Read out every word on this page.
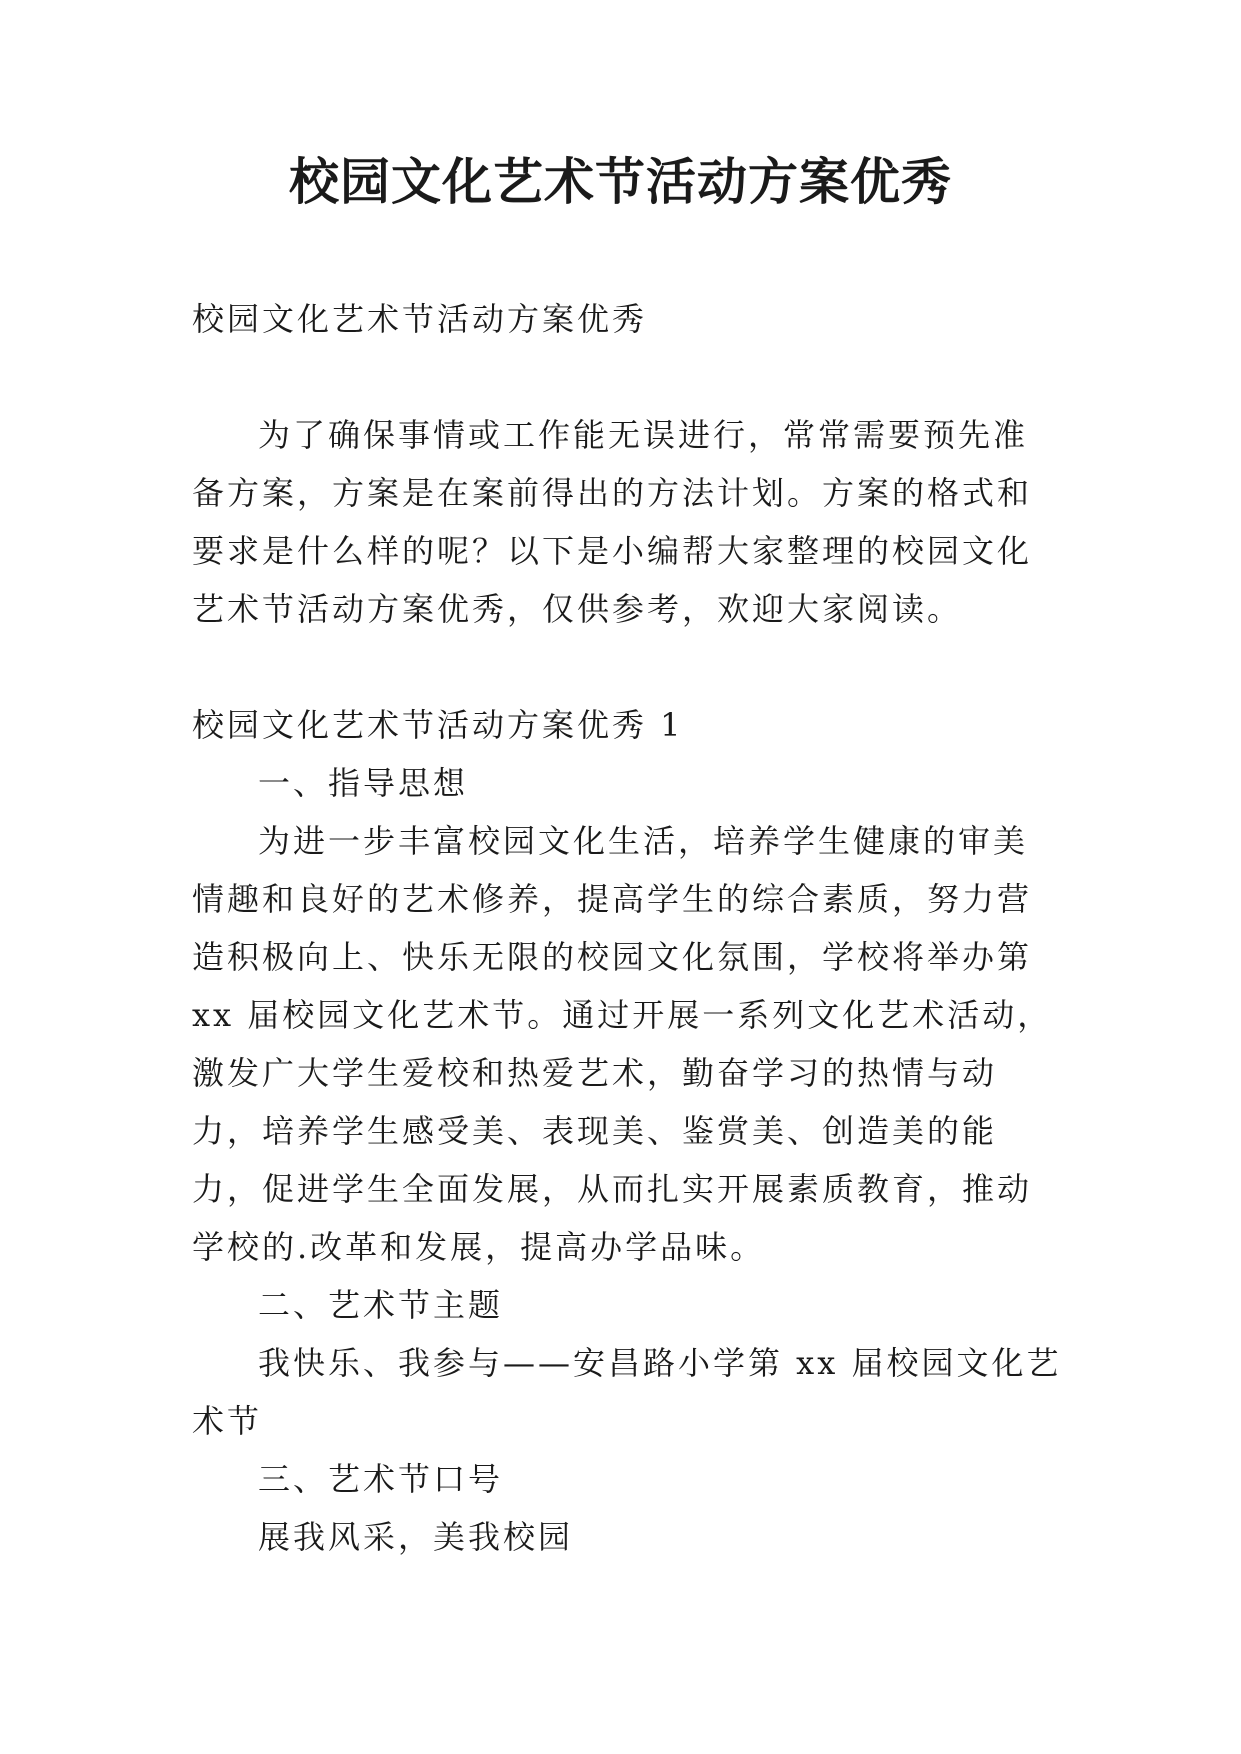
校园文化艺术节活动方案优秀

校园文化艺术节活动方案优秀

为了确保事情或工作能无误进行，常常需要预先准备方案，方案是在案前得出的方法计划。方案的格式和要求是什么样的呢？以下是小编帮大家整理的校园文化艺术节活动方案优秀，仅供参考，欢迎大家阅读。

校园文化艺术节活动方案优秀 1

一、指导思想

为进一步丰富校园文化生活，培养学生健康的审美情趣和良好的艺术修养，提高学生的综合素质，努力营造积极向上、快乐无限的校园文化氛围，学校将举办第 xx 届校园文化艺术节。通过开展一系列文化艺术活动，激发广大学生爱校和热爱艺术，勤奋学习的热情与动力，培养学生感受美、表现美、鉴赏美、创造美的能力，促进学生全面发展，从而扎实开展素质教育，推动学校的.改革和发展，提高办学品味。

二、艺术节主题

我快乐、我参与——安昌路小学第 xx 届校园文化艺术节

三、艺术节口号

展我风采，美我校园
